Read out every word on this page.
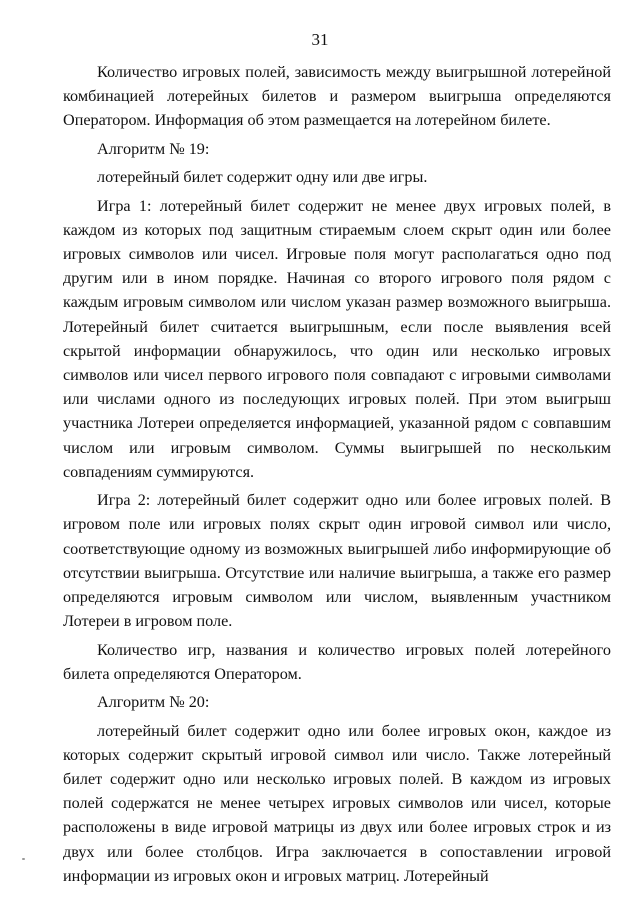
31

Количество игровых полей, зависимость между выигрышной лотерейной комбинацией лотерейных билетов и размером выигрыша определяются Оператором. Информация об этом размещается на лотерейном билете.

Алгоритм № 19:

лотерейный билет содержит одну или две игры.

Игра 1: лотерейный билет содержит не менее двух игровых полей, в каждом из которых под защитным стираемым слоем скрыт один или более игровых символов или чисел. Игровые поля могут располагаться одно под другим или в ином порядке. Начиная со второго игрового поля рядом с каждым игровым символом или числом указан размер возможного выигрыша. Лотерейный билет считается выигрышным, если после выявления всей скрытой информации обнаружилось, что один или несколько игровых символов или чисел первого игрового поля совпадают с игровыми символами или числами одного из последующих игровых полей. При этом выигрыш участника Лотереи определяется информацией, указанной рядом с совпавшим числом или игровым символом. Суммы выигрышей по нескольким совпадениям суммируются.

Игра 2: лотерейный билет содержит одно или более игровых полей. В игровом поле или игровых полях скрыт один игровой символ или число, соответствующие одному из возможных выигрышей либо информирующие об отсутствии выигрыша. Отсутствие или наличие выигрыша, а также его размер определяются игровым символом или числом, выявленным участником Лотереи в игровом поле.

Количество игр, названия и количество игровых полей лотерейного билета определяются Оператором.

Алгоритм № 20:

лотерейный билет содержит одно или более игровых окон, каждое из которых содержит скрытый игровой символ или число. Также лотерейный билет содержит одно или несколько игровых полей. В каждом из игровых полей содержатся не менее четырех игровых символов или чисел, которые расположены в виде игровой матрицы из двух или более игровых строк и из двух или более столбцов. Игра заключается в сопоставлении игровой информации из игровых окон и игровых матриц. Лотерейный
